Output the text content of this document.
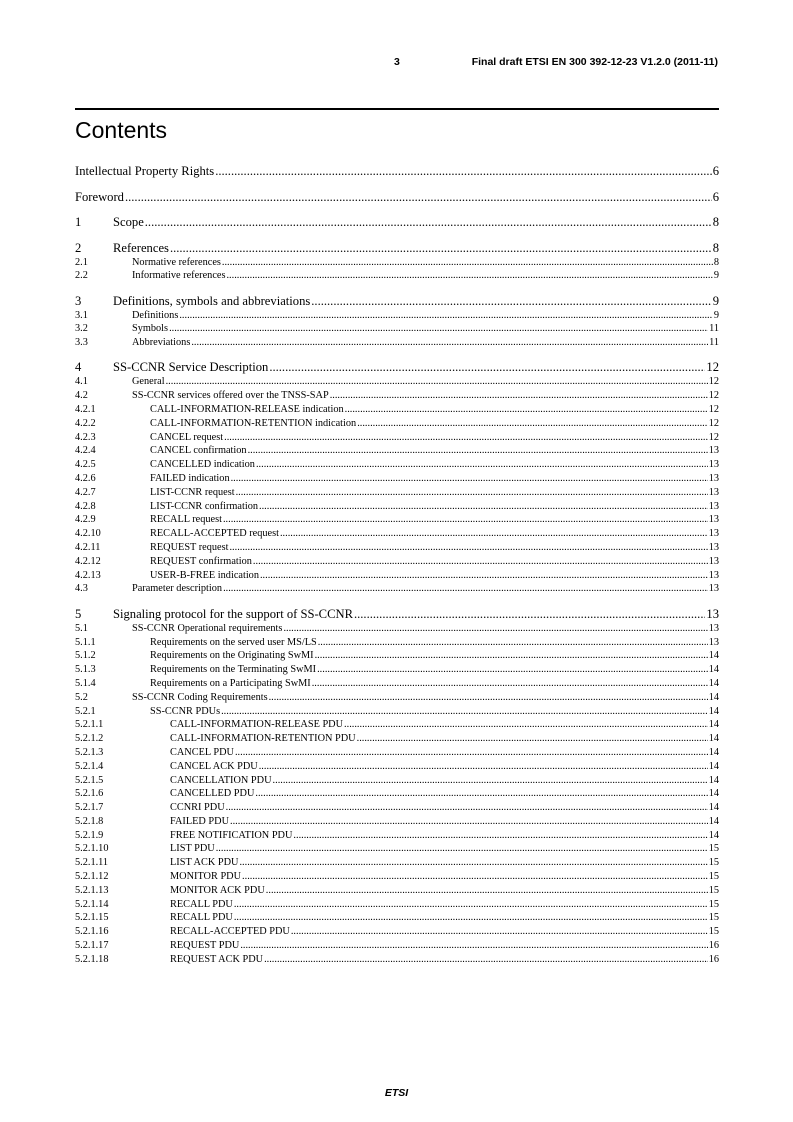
3	Final draft ETSI EN 300 392-12-23 V1.2.0 (2011-11)
Contents
Intellectual Property Rights .....	6
Foreword .....	6
1	Scope .....	8
2	References .....	8
2.1	Normative references .....	8
2.2	Informative references .....	9
3	Definitions, symbols and abbreviations .....	9
3.1	Definitions .....	9
3.2	Symbols .....	11
3.3	Abbreviations .....	11
4	SS-CCNR Service Description .....	12
4.1	General .....	12
4.2	SS-CCNR services offered over the TNSS-SAP .....	12
4.2.1	CALL-INFORMATION-RELEASE indication .....	12
4.2.2	CALL-INFORMATION-RETENTION indication .....	12
4.2.3	CANCEL request .....	12
4.2.4	CANCEL confirmation .....	13
4.2.5	CANCELLED indication .....	13
4.2.6	FAILED indication .....	13
4.2.7	LIST-CCNR request .....	13
4.2.8	LIST-CCNR confirmation .....	13
4.2.9	RECALL request .....	13
4.2.10	RECALL-ACCEPTED request .....	13
4.2.11	REQUEST request .....	13
4.2.12	REQUEST confirmation .....	13
4.2.13	USER-B-FREE indication .....	13
4.3	Parameter description .....	13
5	Signaling protocol for the support of SS-CCNR .....	13
5.1	SS-CCNR Operational requirements .....	13
5.1.1	Requirements on the served user MS/LS .....	13
5.1.2	Requirements on the Originating SwMI .....	14
5.1.3	Requirements on the Terminating SwMI .....	14
5.1.4	Requirements on a Participating SwMI .....	14
5.2	SS-CCNR Coding Requirements .....	14
5.2.1	SS-CCNR PDUs .....	14
5.2.1.1	CALL-INFORMATION-RELEASE PDU .....	14
5.2.1.2	CALL-INFORMATION-RETENTION PDU .....	14
5.2.1.3	CANCEL PDU .....	14
5.2.1.4	CANCEL ACK PDU .....	14
5.2.1.5	CANCELLATION PDU .....	14
5.2.1.6	CANCELLED PDU .....	14
5.2.1.7	CCNRI PDU .....	14
5.2.1.8	FAILED PDU .....	14
5.2.1.9	FREE NOTIFICATION PDU .....	14
5.2.1.10	LIST PDU .....	15
5.2.1.11	LIST ACK PDU .....	15
5.2.1.12	MONITOR PDU .....	15
5.2.1.13	MONITOR ACK PDU .....	15
5.2.1.14	RECALL PDU .....	15
5.2.1.15	RECALL PDU .....	15
5.2.1.16	RECALL-ACCEPTED PDU .....	15
5.2.1.17	REQUEST PDU .....	16
5.2.1.18	REQUEST ACK PDU .....	16
ETSI
